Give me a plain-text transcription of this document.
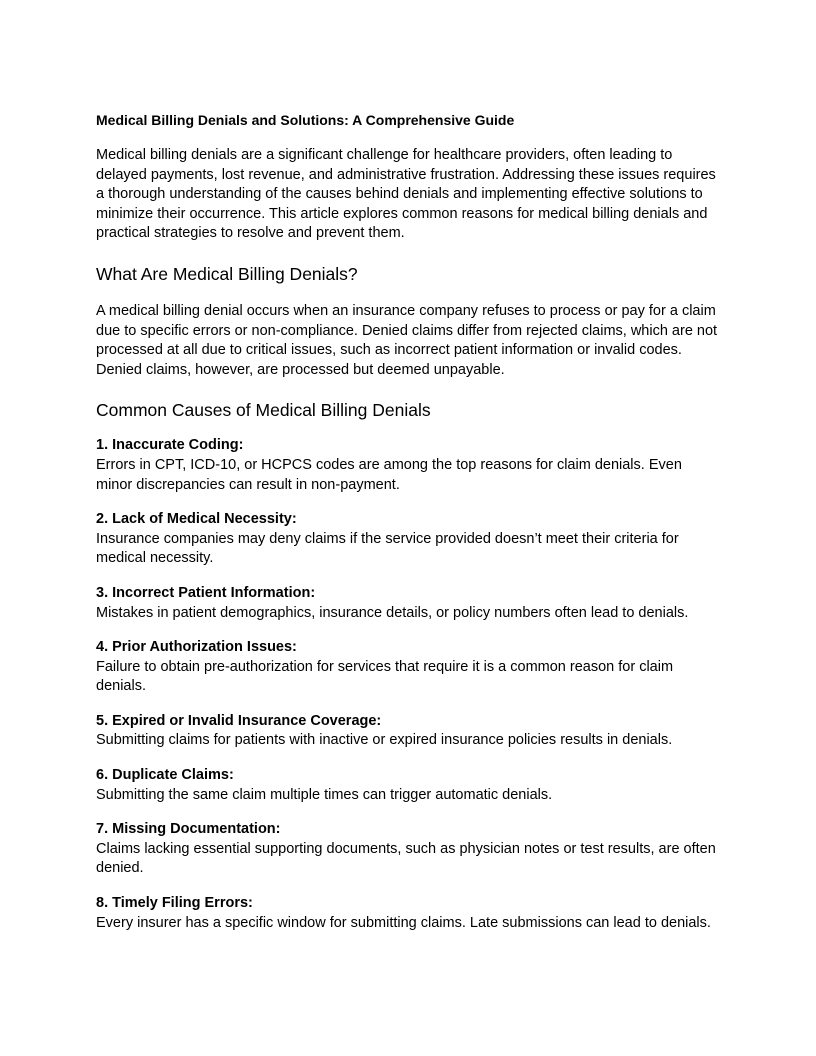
Medical Billing Denials and Solutions: A Comprehensive Guide

Medical billing denials are a significant challenge for healthcare providers, often leading to delayed payments, lost revenue, and administrative frustration. Addressing these issues requires a thorough understanding of the causes behind denials and implementing effective solutions to minimize their occurrence. This article explores common reasons for medical billing denials and practical strategies to resolve and prevent them.

What Are Medical Billing Denials?

A medical billing denial occurs when an insurance company refuses to process or pay for a claim due to specific errors or non-compliance. Denied claims differ from rejected claims, which are not processed at all due to critical issues, such as incorrect patient information or invalid codes. Denied claims, however, are processed but deemed unpayable.

Common Causes of Medical Billing Denials
1. Inaccurate Coding:
Errors in CPT, ICD-10, or HCPCS codes are among the top reasons for claim denials. Even minor discrepancies can result in non-payment.
2. Lack of Medical Necessity:
Insurance companies may deny claims if the service provided doesn’t meet their criteria for medical necessity.
3. Incorrect Patient Information:
Mistakes in patient demographics, insurance details, or policy numbers often lead to denials.
4. Prior Authorization Issues:
Failure to obtain pre-authorization for services that require it is a common reason for claim denials.
5. Expired or Invalid Insurance Coverage:
Submitting claims for patients with inactive or expired insurance policies results in denials.
6. Duplicate Claims:
Submitting the same claim multiple times can trigger automatic denials.
7. Missing Documentation:
Claims lacking essential supporting documents, such as physician notes or test results, are often denied.
8. Timely Filing Errors:
Every insurer has a specific window for submitting claims. Late submissions can lead to denials.
